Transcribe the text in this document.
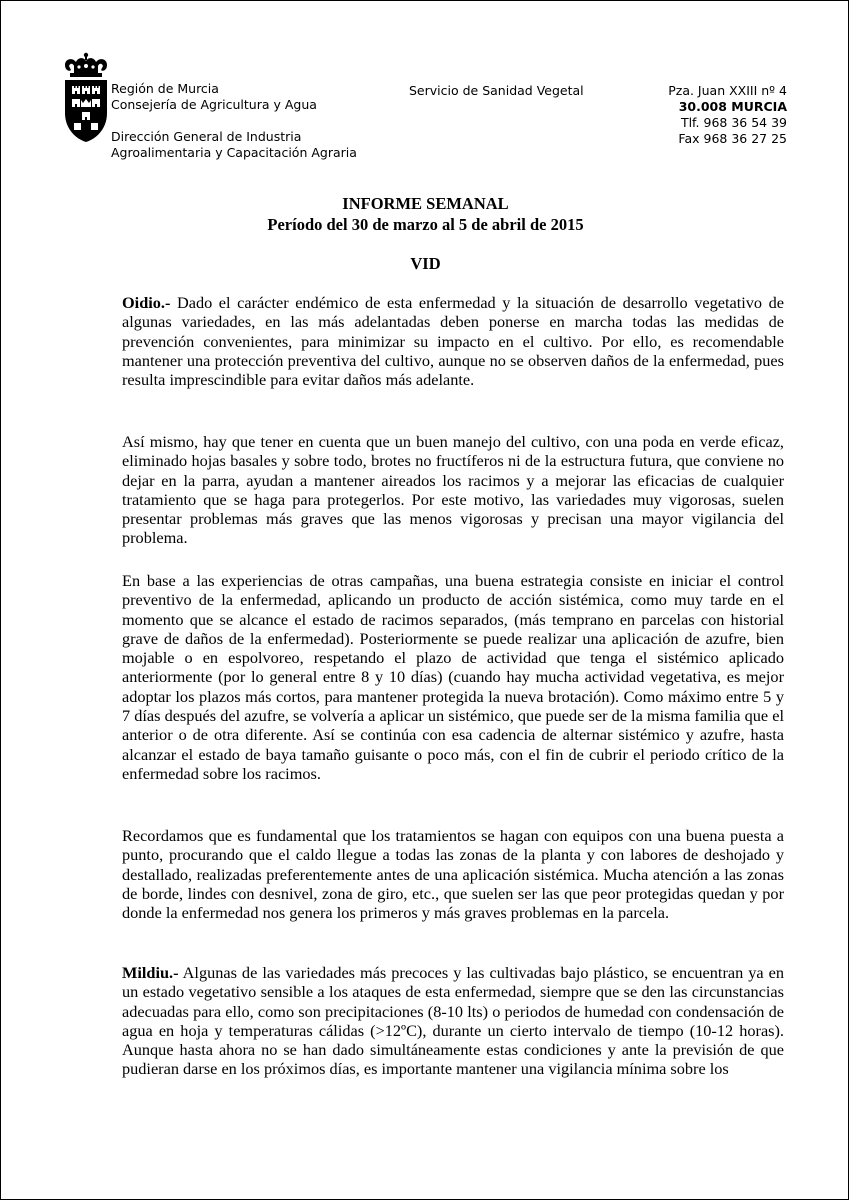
Región de Murcia
Consejería de Agricultura y Agua
Dirección General de Industria
Agroalimentaria y Capacitación Agraria
Servicio de Sanidad Vegetal	Pza. Juan XXIII nº 4
30.008 MURCIA
Tlf. 968 36 54 39
Fax 968 36 27 25
INFORME SEMANAL
Período del 30 de marzo al 5 de abril de 2015
VID
Oidio.- Dado el carácter endémico de esta enfermedad y la situación de desarrollo vegetativo de algunas variedades, en las más adelantadas deben ponerse en marcha todas las medidas de prevención convenientes, para minimizar su impacto en el cultivo. Por ello, es recomendable mantener una protección preventiva del cultivo, aunque no se observen daños de la enfermedad, pues resulta imprescindible para evitar daños más adelante.
Así mismo, hay que tener en cuenta que un buen manejo del cultivo, con una poda en verde eficaz, eliminado hojas basales y sobre todo, brotes no fructíferos ni de la estructura futura, que conviene no dejar en la parra, ayudan a mantener aireados los racimos y a mejorar las eficacias de cualquier tratamiento que se haga para protegerlos. Por este motivo, las variedades muy vigorosas, suelen presentar problemas más graves que las menos vigorosas y precisan una mayor vigilancia del problema.
En base a las experiencias de otras campañas, una buena estrategia consiste en iniciar el control preventivo de la enfermedad, aplicando un producto de acción sistémica, como muy tarde en el momento que se alcance el estado de racimos separados, (más temprano en parcelas con historial grave de daños de la enfermedad). Posteriormente se puede realizar una aplicación de azufre, bien mojable o en espolvoreo, respetando el plazo de actividad que tenga el sistémico aplicado anteriormente (por lo general entre 8 y 10 días) (cuando hay mucha actividad vegetativa, es mejor adoptar los plazos más cortos, para mantener protegida la nueva brotación). Como máximo entre 5 y 7 días después del azufre, se volvería a aplicar un sistémico, que puede ser de la misma familia que el anterior o de otra diferente. Así se continúa con esa cadencia de alternar sistémico y azufre, hasta alcanzar el estado de baya tamaño guisante o poco más, con el fin de cubrir el periodo crítico de la enfermedad sobre los racimos.
Recordamos que es fundamental que los tratamientos se hagan con equipos con una buena puesta a punto, procurando que el caldo llegue a todas las zonas de la planta y con labores de deshojado y destallado, realizadas preferentemente antes de una aplicación sistémica. Mucha atención a las zonas de borde, lindes con desnivel, zona de giro, etc., que suelen ser las que peor protegidas quedan y por donde la enfermedad nos genera los primeros y más graves problemas en la parcela.
Mildiu.- Algunas de las variedades más precoces y las cultivadas bajo plástico, se encuentran ya en un estado vegetativo sensible a los ataques de esta enfermedad, siempre que se den las circunstancias adecuadas para ello, como son precipitaciones (8-10 lts) o periodos de humedad con condensación de agua en hoja y temperaturas cálidas (>12ºC), durante un cierto intervalo de tiempo (10-12 horas). Aunque hasta ahora no se han dado simultáneamente estas condiciones y ante la previsión de que pudieran darse en los próximos días, es importante mantener una vigilancia mínima sobre los
